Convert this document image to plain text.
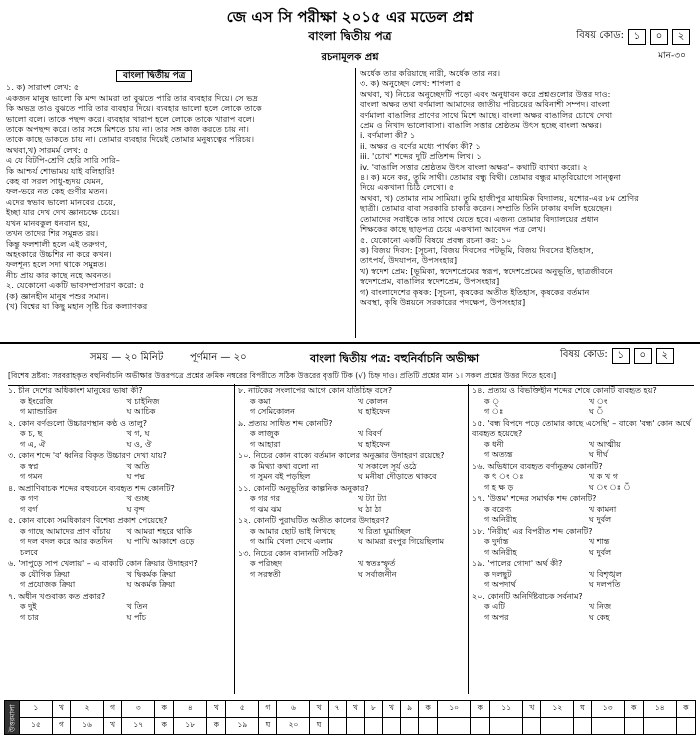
জে এস সি পরীক্ষা ২০১৫ এর মডেল প্রশ্ন
বাংলা দ্বিতীয় পত্র	বিষয় কোড: ১	০	২
রচনামূলক প্রশ্ন	মান-৩০
বাংলা দ্বিতীয় পত্র
১. ক) সারাংশ লেখ: ৫
একজন মানুষ ভালো কি মন্দ আমরা তা বুঝতে পারি তার ব্যবহার দিয়ে। সে ভদ্র
কি অভদ্র তাও বুঝতে পারি তার ব্যবহার দিয়ে। ব্যবহার ভালো হলে লোকে তাকে
ভালো বলে। তাকে পছন্দ করে। ব্যবহার খারাপ হলে লোকে তাকে খারাপ বলে।
তাকে অপছন্দ করে। তার সঙ্গে মিশতে চায় না। তার সঙ্গ কাজ করতে চায় না।
তাকে কাছে ডাকতে চায় না। তোমার ব্যবহার দিয়েই তোমার মনুষ্যত্বের পরিচয়।
অথবা,খ) সারমর্ম লেখ: ৫
এ যে বিটপি-শ্রেণি হেরি সারি সারি–
কি আশ্চর্য শোভাময় যাই বলিহারি!
কেহ বা সরল সাধু-হৃদয় যেমন,
ফল-ভরে নত কেহ গুণীর মতন।
এদের স্বভাব ভালো মানবের চেয়ে,
ইচ্ছা যার দেখ দেখ জ্ঞানচক্ষে চেয়ে।
যখন মানবকুল ধনবান হয়,
তখন তাদের শির সমুন্নত রয়।
কিন্তু ফলশালী হলে এই তরুগণ,
অহংকারে উচ্চশির না করে কখন।
ফলশূন্য হলে সদা থাকে সমুন্নত।
নীচ প্রায় কার কাছে নহে অবনত।
২. যেকোনো একটি ভাবসম্প্রসারণ করো: ৫
(ক) জ্ঞানহীন মানুষ পশুর সমান।
(খ) বিশ্বের যা কিছু মহান সৃষ্টি চির কল্যাণকর
অর্ধেক তার করিয়াছে নারী, অর্ধেক তার নর।
৩. ক) অনুচ্ছেদ লেখ: শাপলা ৫
অথবা, খ) নিচের অনুচ্ছেদটি পড়ো এবং অনুধাবন করে প্রশ্নগুলোর উত্তর দাও:
বাংলা অক্ষর তথা বর্ণমালা আমাদের জাতীয় পরিচয়ের অবিনাশী সম্পদ। বাংলা
বর্ণমালা বাঙালির প্রাণের সাথে মিশে আছে। বাংলা অক্ষর বাঙালির চোখে দেখা
প্রেম ও নিখাদ ভালোবাসা। বাঙালি সত্তার শ্রেষ্ঠতম উৎস হচ্ছে বাংলা অক্ষর।
i. বর্ণমালা কী? ১
ii. অক্ষর ও বর্ণের মধ্যে পার্থক্য কী? ১
iii. 'চোখ' শব্দের দুটি প্রতিশব্দ লিখ। ১
iv. 'বাঙালি সত্তার শ্রেষ্ঠতম উৎস বাংলা অক্ষর'– কথাটি ব্যাখ্যা করো। ২
৪। ক) মনে কর, তুমি সাথী। তোমার বন্ধু বিথী। তোমার বন্ধুর মাতৃবিয়োগে সান্ত্বনা
দিয়ে একখানা চিঠি লেখো। ৫
অথবা, খ) তোমার নাম সামিয়া। তুমি হাজীপুর মাধ্যমিক বিদ্যালয়, যশোর-এর ৮ম শ্রেণির
ছাত্রী। তোমার বাবা সরকারি চাকরি করেন। সম্প্রতি তিনি ঢাকায় বদলি হয়েছেন।
তোমাদের সবাইকে তার সাথে যেতে হবে। এজন্য তোমার বিদ্যালয়ের প্রধান
শিক্ষকের কাছে ছাড়পত্র চেয়ে একখানা আবেদন পত্র লেখ।
৫. যেকোনো একটি বিষয়ে প্রবন্ধ রচনা কর: ১০
ক) বিজয় দিবস: [সূচনা, বিজয় দিবসের পটভূমি, বিজয় দিবসের ইতিহাস,
তাৎপর্য, উদযাপন, উপসংহার]
খ) স্বদেশ প্রেম: [ভূমিকা, স্বদেশপ্রেমের স্বরূপ, স্বদেশপ্রেমের অনুভূতি, ছাত্রজীবনে
স্বদেশপ্রেম, বাঙালির স্বদেশপ্রেম, উপসংহার]
গ) বাংলাদেশের কৃষক: [সূচনা, কৃষকের অতীত ইতিহাস, কৃষকের বর্তমান
অবস্থা, কৃষি উন্নয়নে সরকারের পদক্ষেপ, উপসংহার]
সময় — ২০ মিনিট	পূর্ণমান — ২০	বাংলা দ্বিতীয় পত্র: বহুনির্বাচনি অভীক্ষা	বিষয় কোড: ১	০	২
[বিশেষ দ্রষ্টব্য: সরবরাহকৃত বহুনির্বাচনি অভীক্ষার উত্তরপত্রে প্রশ্নের ক্রমিক নম্বরের বিপরীতে সঠিক উত্তরের বৃত্তটি টিক (√) চিহ্ন দাও। প্রতিটি প্রশ্নের মান ১। সকল প্রশ্নের উত্তর দিতে হবে।]
১. চীন দেশের অধিকাংশ মানুষের ভাষা কী?
ক ইংরেজি	খ চাইনিজ
গ ম্যান্ডারিন	ঘ আচিক
২. কোন বর্ণগুলো উচ্চারণস্থান কণ্ঠ ও তালু?
ক চ, ছ	খ গ, ঘ
গ এ, ঐ	ঘ ও, ঔ
৩. কোন শব্দে 'ব' ধ্বনির বিকৃত উচ্চারণ দেখা যায়?
ক স্বপ্ন	খ অতি
গ গমন	ঘ পদ্ম
৪. অপ্রাণিবাচক শব্দের বহুবচনে ব্যবহৃত শব্দ কোনটি?
ক গণ	খ গুচ্ছ
গ বর্গ	ঘ বৃন্দ
৫. কোন বাক্যে সমধিকারণ বিশেষ্য প্রকাশ পেয়েছে?
ক গাছে আমাদের প্রাণ বাঁচায়	খ আমরা শহরে থাকি
গ দল বদল করে আর কতদিন চলবে
ঘ পাখি আকাশে ওড়ে
৬. 'সাপুড়ে সাপ খেলায়' – এ বাক্যটি কোন ক্রিয়ার উদাহরণ?
ক যৌগিক ক্রিয়া	খ দ্বিকর্মক ক্রিয়া
গ প্রযোজক ক্রিয়া	ঘ অকর্মক ক্রিয়া
৭. অধীন খণ্ডবাক্য কত প্রকার?
ক দুই	খ তিন
গ চার	ঘ পাঁচ
৮. নাটকের সংলাপের আগে কোন যতিচিহ্ন বসে?
ক কমা	খ কোলন
গ সেমিকোলন	ঘ হাইফেন
৯. প্রত্যয় সাধিত শব্দ কোনটি?
ক লাজুক	খ বিবর্ণ
গ আহারা	ঘ হাইফেন
১০. নিচের কোন বাক্যে বর্তমান কালের অনুজ্ঞার উদাহরণ রয়েছে?
ক মিথ্যা কথা বলো না	খ সকালে সূর্য ওঠে
গ সুমন বই পড়ছিল	ঘ মনীষা দৌড়াতে থাকবে
১১. কোনটি অনুভূতির কাল্পনিক অনুকার?
ক গর গর	খ ট্যা ট্যা
গ ঝম ঝম	ঘ ঠা ঠা
১২. কোনটি পুরাঘটিত অতীত কালের উদাহরণ?
ক আমার ছোট ভাই লিখছে	খ রিতা ঘুমাচ্ছিল
গ আমি খেলা দেখে এলাম	ঘ আমরা রংপুর গিয়েছিলাম
১৩. নিচের কোন বানানটি সঠিক?
ক পরিচ্ছদ	খ স্বতঃস্ফূর্ত
গ সরস্বতী	ঘ সর্বাজনীন
১৪. প্রত্যয় ও বিভক্তিহীন শব্দের শেষে কোনটি ব্যবহৃত হয়?
ক ্	খ ং
গ ঃ	ঘ ঁ
১৫. 'বন্ধ বিপদে পড়ে তোমার কাছে এসেছি' – বাক্যে 'বন্ধ' কোন অর্থে ব্যবহৃত হয়েছে?
ক ধনী	খ আত্মীয়
গ অত্যন্ত	ঘ দীর্ঘ
১৬. অভিধানে ব্যবহৃত বর্ণানুক্রম কোনটি?
ক ৎ ং ঃ	খ ক খ গ
গ হ ক্ষ ড়	ঘ ং ঃ ঁ
১৭. 'উত্তম' শব্দের সমার্থক শব্দ কোনটি?
ক বরেণ্য	খ কামনা
গ অনিরীহ	ঘ দুর্বল
১৮. 'নিরীহ' এর বিপরীত শব্দ কোনটি?
ক দুর্দান্ত	খ শান্ত
গ অনিরীহ	ঘ দুর্বল
১৯. 'পালের গোদা' অর্থ কী?
ক দলছুট	খ বিশৃঙ্খল
গ অপদার্থ	ঘ দলপতি
২০. কোনটি অনির্দিষ্টবাচক সর্বনাম?
ক এটি	খ নিজ
গ অপর	ঘ কেহ
উত্তরমালা	১	খ	২	গ	৩	ক	৪	খ	৫	গ	৬	খ	৭	খ	৮	খ	৯	ক	১০	ক	১১	খ	১২	ঘ	১৩	ক	১৪	ক
	১৫	গ	১৬	খ	১৭	ক	১৮	ক	১৯	ঘ	২০	ঘ																
